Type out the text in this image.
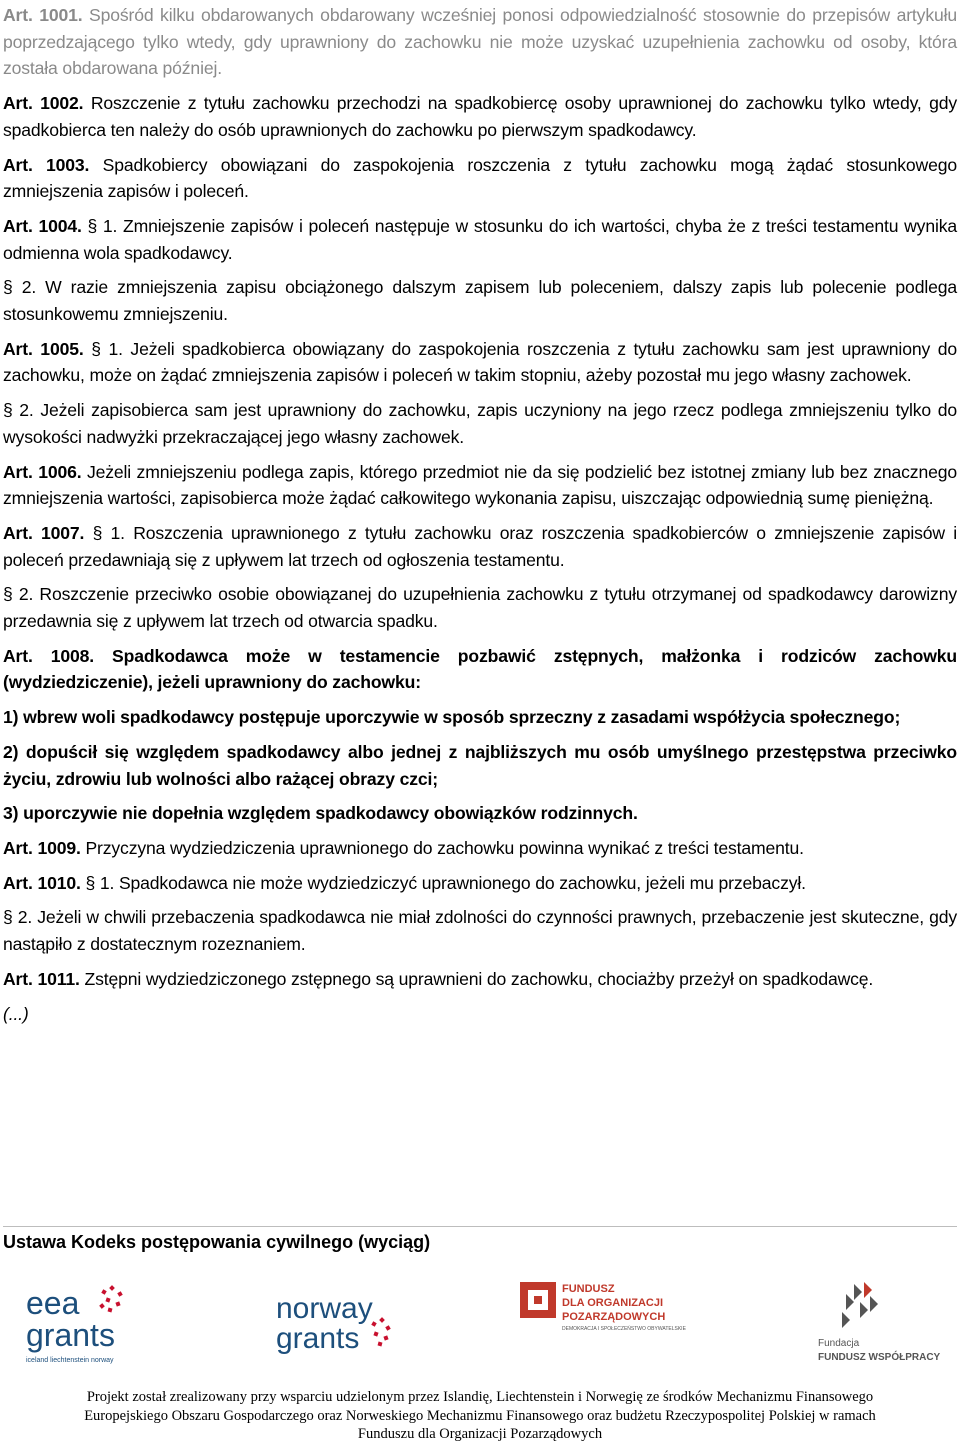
Art. 1001. Spośród kilku obdarowanych obdarowany wcześniej ponosi odpowiedzialność stosownie do przepisów artykułu poprzedzającego tylko wtedy, gdy uprawniony do zachowku nie może uzyskać uzupełnienia zachowku od osoby, która została obdarowana później.

Art. 1002. Roszczenie z tytułu zachowku przechodzi na spadkobiercę osoby uprawnionej do zachowku tylko wtedy, gdy spadkobierca ten należy do osób uprawnionych do zachowku po pierwszym spadkodawcy.

Art. 1003. Spadkobiercy obowiązani do zaspokojenia roszczenia z tytułu zachowku mogą żądać stosunkowego zmniejszenia zapisów i poleceń.

Art. 1004. § 1. Zmniejszenie zapisów i poleceń następuje w stosunku do ich wartości, chyba że z treści testamentu wynika odmienna wola spadkodawcy.

§ 2. W razie zmniejszenia zapisu obciążonego dalszym zapisem lub poleceniem, dalszy zapis lub polecenie podlega stosunkowemu zmniejszeniu.

Art. 1005. § 1. Jeżeli spadkobierca obowiązany do zaspokojenia roszczenia z tytułu zachowku sam jest uprawniony do zachowku, może on żądać zmniejszenia zapisów i poleceń w takim stopniu, ażeby pozostał mu jego własny zachowek.

§ 2. Jeżeli zapisobierca sam jest uprawniony do zachowku, zapis uczyniony na jego rzecz podlega zmniejszeniu tylko do wysokości nadwyżki przekraczającej jego własny zachowek.

Art. 1006. Jeżeli zmniejszeniu podlega zapis, którego przedmiot nie da się podzielić bez istotnej zmiany lub bez znacznego zmniejszenia wartości, zapisobierca może żądać całkowitego wykonania zapisu, uiszczając odpowiednią sumę pieniężną.

Art. 1007. § 1. Roszczenia uprawnionego z tytułu zachowku oraz roszczenia spadkobierców o zmniejszenie zapisów i poleceń przedawniają się z upływem lat trzech od ogłoszenia testamentu.

§ 2. Roszczenie przeciwko osobie obowiązanej do uzupełnienia zachowku z tytułu otrzymanej od spadkodawcy darowizny przedawnia się z upływem lat trzech od otwarcia spadku.

Art. 1008. Spadkodawca może w testamencie pozbawić zstępnych, małżonka i rodziców zachowku (wydziedziczenie), jeżeli uprawniony do zachowku:

1) wbrew woli spadkodawcy postępuje uporczywie w sposób sprzeczny z zasadami współżycia społecznego;

2) dopuścił się względem spadkodawcy albo jednej z najbliższych mu osób umyślnego przestępstwa przeciwko życiu, zdrowiu lub wolności albo rażącej obrazy czci;

3) uporczywie nie dopełnia względem spadkodawcy obowiązków rodzinnych.

Art. 1009. Przyczyna wydziedziczenia uprawnionego do zachowku powinna wynikać z treści testamentu.

Art. 1010. § 1. Spadkodawca nie może wydziedziczyć uprawnionego do zachowku, jeżeli mu przebaczył.

§ 2. Jeżeli w chwili przebaczenia spadkodawca nie miał zdolności do czynności prawnych, przebaczenie jest skuteczne, gdy nastąpiło z dostatecznym rozeznaniem.

Art. 1011. Zstępni wydziedziczonego zstępnego są uprawnieni do zachowku, chociażby przeżył on spadkodawcę.

(...)

Ustawa Kodeks postępowania cywilnego (wyciąg)
eea
grants
iceland liechtenstein norway
norway
grants
FUNDUSZ
DLA ORGANIZACJI
POZARZĄDOWYCH
DEMOKRACJA I SPOŁECZEŃSTWO OBYWATELSKIE
Fundacja
FUNDUSZ WSPÓŁPRACY
Projekt został zrealizowany przy wsparciu udzielonym przez Islandię, Liechtenstein i Norwegię ze środków Mechanizmu Finansowego
Europejskiego Obszaru Gospodarczego oraz Norweskiego Mechanizmu Finansowego oraz budżetu Rzeczypospolitej Polskiej w ramach
Funduszu dla Organizacji Pozarządowych
